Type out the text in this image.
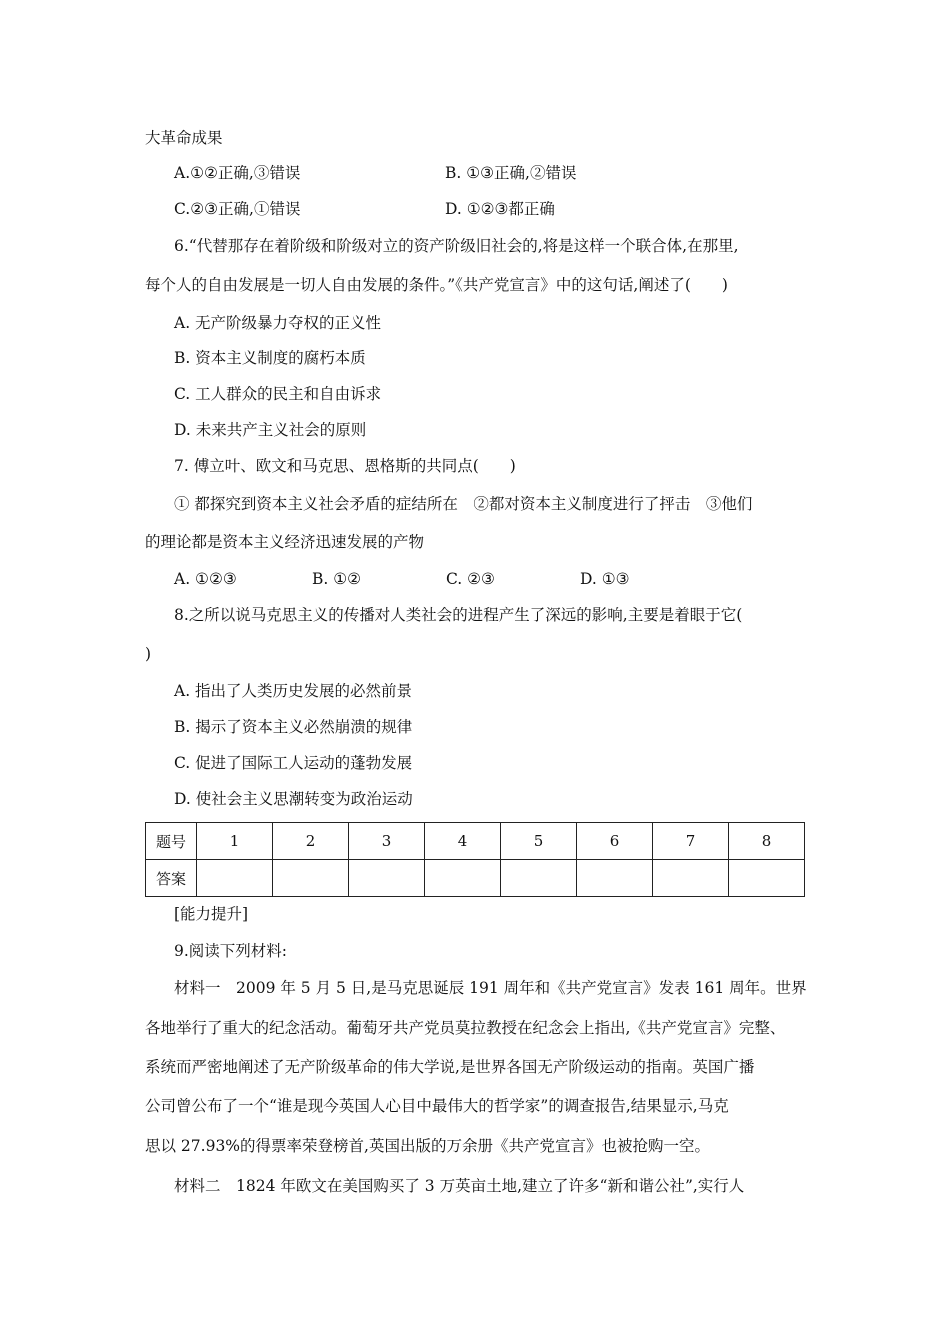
大革命成果
A.①②正确,③错误	B. ①③正确,②错误
C.②③正确,①错误	D. ①②③都正确
6.“代替那存在着阶级和阶级对立的资产阶级旧社会的,将是这样一个联合体,在那里,
每个人的自由发展是一切人自由发展的条件。”《共产党宣言》中的这句话,阐述了(　　)
A. 无产阶级暴力夺权的正义性
B. 资本主义制度的腐朽本质
C. 工人群众的民主和自由诉求
D. 未来共产主义社会的原则
7. 傅立叶、欧文和马克思、恩格斯的共同点(　　)
① 都探究到资本主义社会矛盾的症结所在　②都对资本主义制度进行了抨击　③他们
的理论都是资本主义经济迅速发展的产物
A. ①②③	B. ①②	C. ②③	D. ①③
8.之所以说马克思主义的传播对人类社会的进程产生了深远的影响,主要是着眼于它(
)
A. 指出了人类历史发展的必然前景
B. 揭示了资本主义必然崩溃的规律
C. 促进了国际工人运动的蓬勃发展
D. 使社会主义思潮转变为政治运动
题号	1	2	3	4	5	6	7	8
答案								
[能力提升]
9.阅读下列材料:
材料一　2009 年 5 月 5 日,是马克思诞辰 191 周年和《共产党宣言》发表 161 周年。世界
各地举行了重大的纪念活动。葡萄牙共产党员莫拉教授在纪念会上指出,《共产党宣言》完整、
系统而严密地阐述了无产阶级革命的伟大学说,是世界各国无产阶级运动的指南。英国广播
公司曾公布了一个“谁是现今英国人心目中最伟大的哲学家”的调查报告,结果显示,马克
思以 27.93%的得票率荣登榜首,英国出版的万余册《共产党宣言》也被抢购一空。
材料二　1824 年欧文在美国购买了 3 万英亩土地,建立了许多“新和谐公社”,实行人
